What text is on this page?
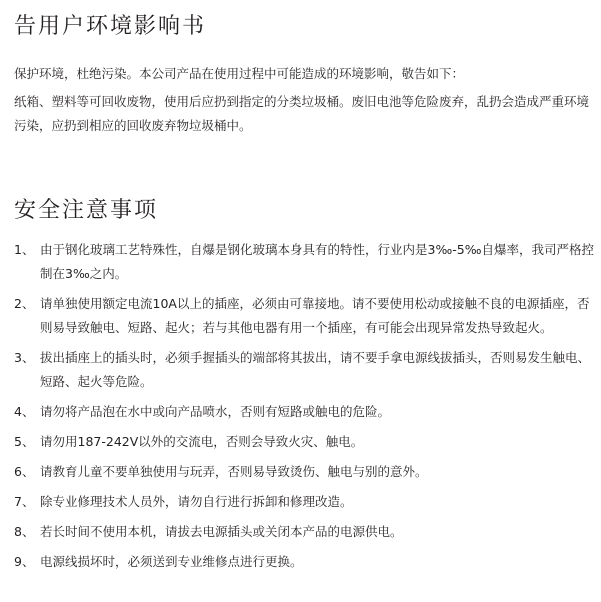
告用户环境影响书

保护环境，杜绝污染。本公司产品在使用过程中可能造成的环境影响，敬告如下：

纸箱、塑料等可回收废物，使用后应扔到指定的分类垃圾桶。废旧电池等危险废弃，乱扔会造成严重环境污染，应扔到相应的回收废弃物垃圾桶中。

安全注意事项
1、 由于钢化玻璃工艺特殊性，自爆是钢化玻璃本身具有的特性，行业内是3‰-5‰自爆率，我司严格控制在3‰之内。
2、 请单独使用额定电流10A以上的插座，必须由可靠接地。请不要使用松动或接触不良的电源插座，否则易导致触电、短路、起火；若与其他电器有用一个插座，有可能会出现异常发热导致起火。
3、 拔出插座上的插头时，必须手握插头的端部将其拔出，请不要手拿电源线拔插头，否则易发生触电、短路、起火等危险。
4、 请勿将产品泡在水中或向产品喷水，否则有短路或触电的危险。
5、 请勿用187-242V以外的交流电，否则会导致火灾、触电。
6、 请教育儿童不要单独使用与玩弄，否则易导致烫伤、触电与别的意外。
7、 除专业修理技术人员外，请勿自行进行拆卸和修理改造。
8、 若长时间不使用本机，请拔去电源插头或关闭本产品的电源供电。
9、 电源线损坏时，必须送到专业维修点进行更换。
